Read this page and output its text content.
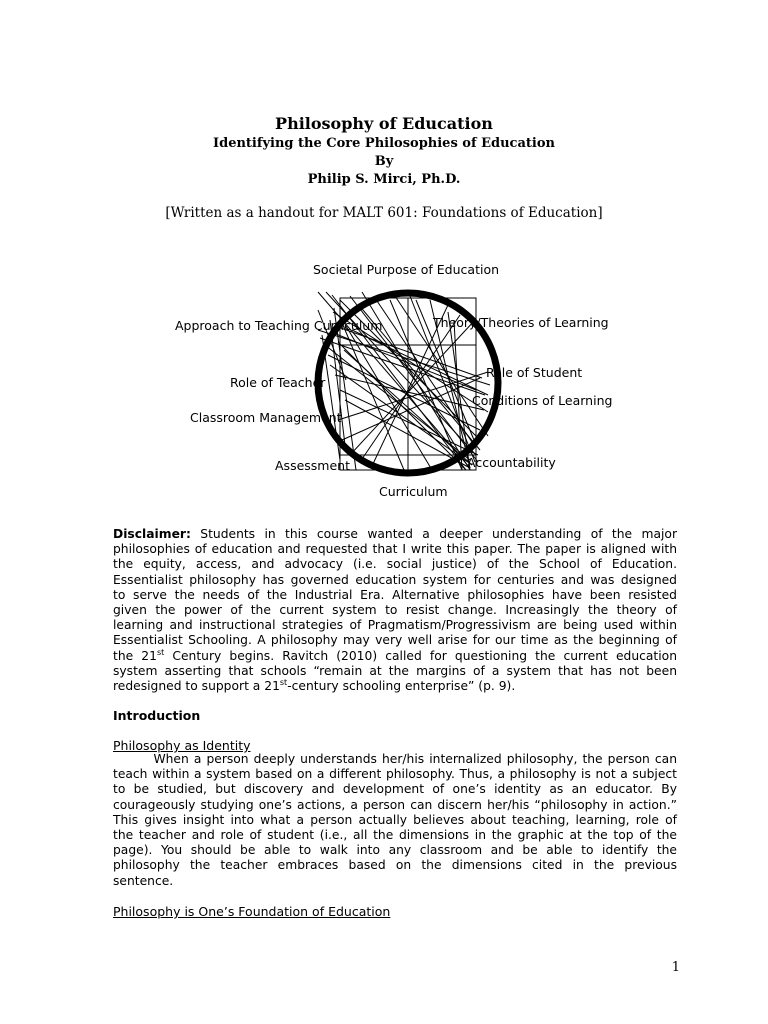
Philosophy of Education
Identifying the Core Philosophies of Education
By
Philip S. Mirci, Ph.D.
[Written as a handout for MALT 601: Foundations of Education]
Societal Purpose of Education
Approach to Teaching Curriculum	Theory/Theories of Learning
Role of Student
Role of Teacher
Conditions of Learning
Classroom Management
Assessment	Accountability
Curriculum
Disclaimer: Students in this course wanted a deeper understanding of the major
philosophies of education and requested that I write this paper. The paper is aligned with
the equity, access, and advocacy (i.e. social justice) of the School of Education.
Essentialist philosophy has governed education system for centuries and was designed
to serve the needs of the Industrial Era. Alternative philosophies have been resisted
given the power of the current system to resist change. Increasingly the theory of
learning and instructional strategies of Pragmatism/Progressivism are being used within
Essentialist Schooling. A philosophy may very well arise for our time as the beginning of
the 21st Century begins. Ravitch (2010) called for questioning the current education
system asserting that schools “remain at the margins of a system that has not been
redesigned to support a 21st-century schooling enterprise” (p. 9).
Introduction
Philosophy as Identity
When a person deeply understands her/his internalized philosophy, the person can
teach within a system based on a different philosophy. Thus, a philosophy is not a subject
to be studied, but discovery and development of one’s identity as an educator. By
courageously studying one’s actions, a person can discern her/his “philosophy in action.”
This gives insight into what a person actually believes about teaching, learning, role of
the teacher and role of student (i.e., all the dimensions in the graphic at the top of the
page). You should be able to walk into any classroom and be able to identify the
philosophy the teacher embraces based on the dimensions cited in the previous
sentence.
Philosophy is One’s Foundation of Education
1
